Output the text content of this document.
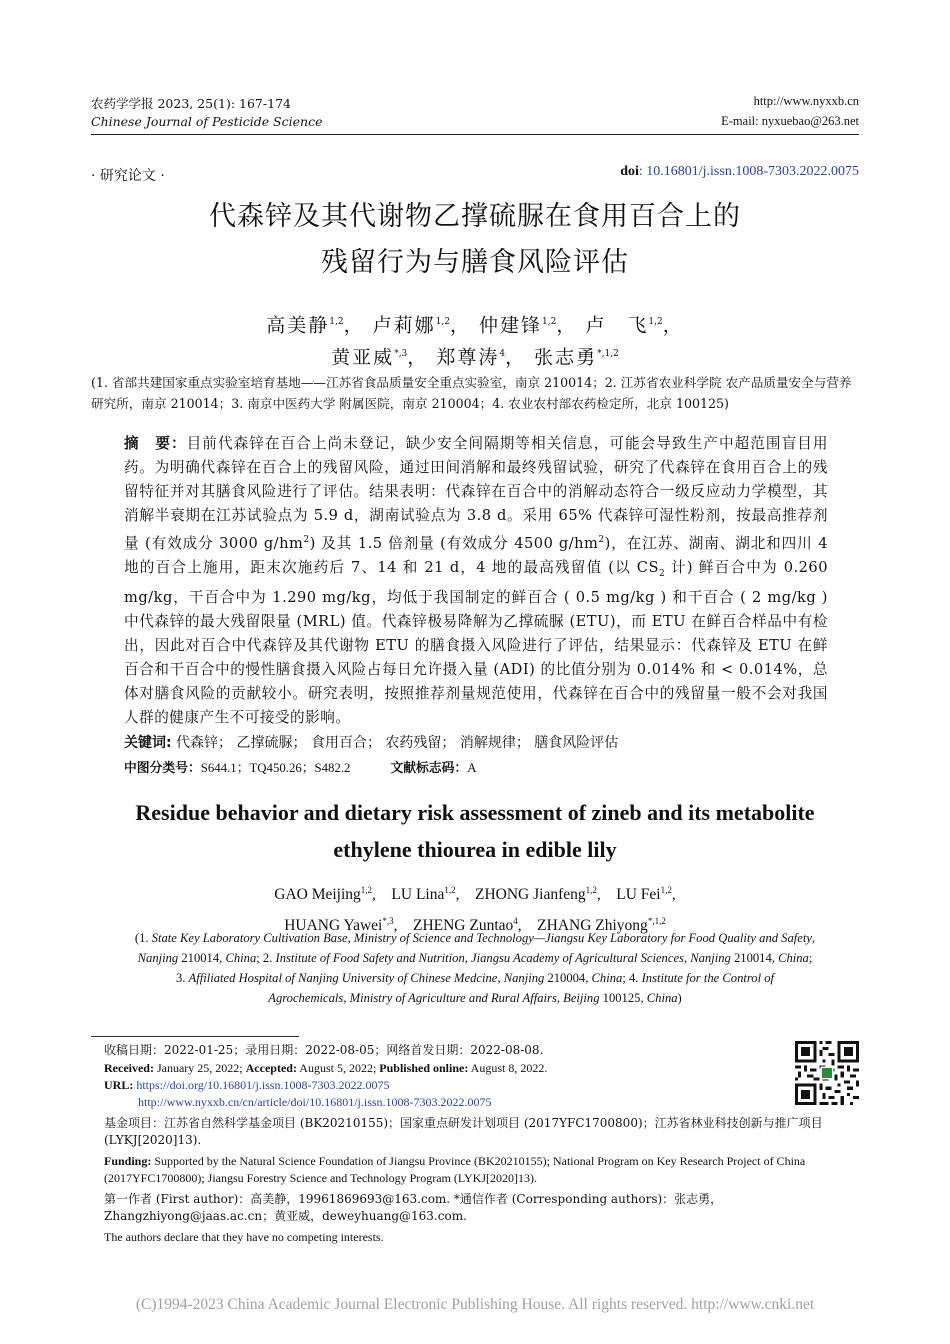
农药学学报 2023, 25(1): 167-174
Chinese Journal of Pesticide Science
http://www.nyxxb.cn
E-mail: nyxuebao@263.net
· 研究论文 ·	doi: 10.16801/j.issn.1008-7303.2022.0075
代森锌及其代谢物乙撑硫脲在食用百合上的
残留行为与膳食风险评估
高美静$^{1,2}$， 卢莉娜$^{1,2}$， 仲建锋$^{1,2}$， 卢　飞$^{1,2}$，
黄亚威$^{*,3}$， 郑尊涛$^4$， 张志勇$^{*,1,2}$
(1. 省部共建国家重点实验室培育基地——江苏省食品质量安全重点实验室，南京 210014；2. 江苏省农业科学院 农产品质量安全与营养研究所，南京 210014；3. 南京中医药大学 附属医院，南京 210004；4. 农业农村部农药检定所，北京 100125)
摘　要：目前代森锌在百合上尚未登记，缺少安全间隔期等相关信息，可能会导致生产中超范围盲目用药。为明确代森锌在百合上的残留风险，通过田间消解和最终残留试验，研究了代森锌在食用百合上的残留特征并对其膳食风险进行了评估。结果表明：代森锌在百合中的消解动态符合一级反应动力学模型，其消解半衰期在江苏试验点为 5.9 d，湖南试验点为 3.8 d。采用 65% 代森锌可湿性粉剂，按最高推荐剂量 (有效成分 3000 $g/hm^2$) 及其 1.5 倍剂量 (有效成分 4500 $g/hm^2$)，在江苏、湖南、湖北和四川 4 地的百合上施用，距末次施药后 7、14 和 21 d，4 地的最高残留值 (以 $CS_2$ 计) 鲜百合中为 0.260 mg/kg，干百合中为 1.290 mg/kg，均低于我国制定的鲜百合 ( 0.5 mg/kg ) 和干百合 ( 2 mg/kg ) 中代森锌的最大残留限量 (MRL) 值。代森锌极易降解为乙撑硫脲 (ETU)，而 ETU 在鲜百合样品中有检出，因此对百合中代森锌及其代谢物 ETU 的膳食摄入风险进行了评估，结果显示：代森锌及 ETU 在鲜百合和干百合中的慢性膳食摄入风险占每日允许摄入量 (ADI) 的比值分别为 0.014% 和 < 0.014%，总体对膳食风险的贡献较小。研究表明，按照推荐剂量规范使用，代森锌在百合中的残留量一般不会对我国人群的健康产生不可接受的影响。
关键词: 代森锌； 乙撑硫脲； 食用百合； 农药残留； 消解规律； 膳食风险评估
中图分类号：S644.1；TQ450.26；S482.2	文献标志码：A
Residue behavior and dietary risk assessment of zineb and its metabolite
ethylene thiourea in edible lily
GAO Meijing$^{1,2}$,    LU Lina$^{1,2}$,    ZHONG Jianfeng$^{1,2}$,    LU Fei$^{1,2}$,
HUANG Yawei$^{*,3}$,    ZHENG Zuntao$^4$,    ZHANG Zhiyong$^{*,1,2}$
(1. State Key Laboratory Cultivation Base, Ministry of Science and Technology—Jiangsu Key Laboratory for Food Quality and Safety,
Nanjing 210014, China; 2. Institute of Food Safety and Nutrition, Jiangsu Academy of Agricultural Sciences, Nanjing 210014, China;
3. Affiliated Hospital of Nanjing University of Chinese Medcine, Nanjing 210004, China; 4. Institute for the Control of
Agrochemicals, Ministry of Agriculture and Rural Affairs, Beijing 100125, China)
收稿日期：2022-01-25；录用日期：2022-08-05；网络首发日期：2022-08-08.
Received: January 25, 2022; Accepted: August 5, 2022; Published online: August 8, 2022.
URL: https://doi.org/10.16801/j.issn.1008-7303.2022.0075
http://www.nyxxb.cn/cn/article/doi/10.16801/j.issn.1008-7303.2022.0075
基金项目：江苏省自然科学基金项目 (BK20210155)；国家重点研发计划项目 (2017YFC1700800)；江苏省林业科技创新与推广项目 (LYKJ[2020]13).
Funding: Supported by the Natural Science Foundation of Jiangsu Province (BK20210155); National Program on Key Research Project of China (2017YFC1700800); Jiangsu Forestry Science and Technology Program (LYKJ[2020]13).
第一作者 (First author)：高美静，19961869693@163.com. *通信作者 (Corresponding authors)：张志勇，Zhangzhiyong@jaas.ac.cn；黄亚威，deweyhuang@163.com.
The authors declare that they have no competing interests.
(C)1994-2023 China Academic Journal Electronic Publishing House. All rights reserved. http://www.cnki.net
